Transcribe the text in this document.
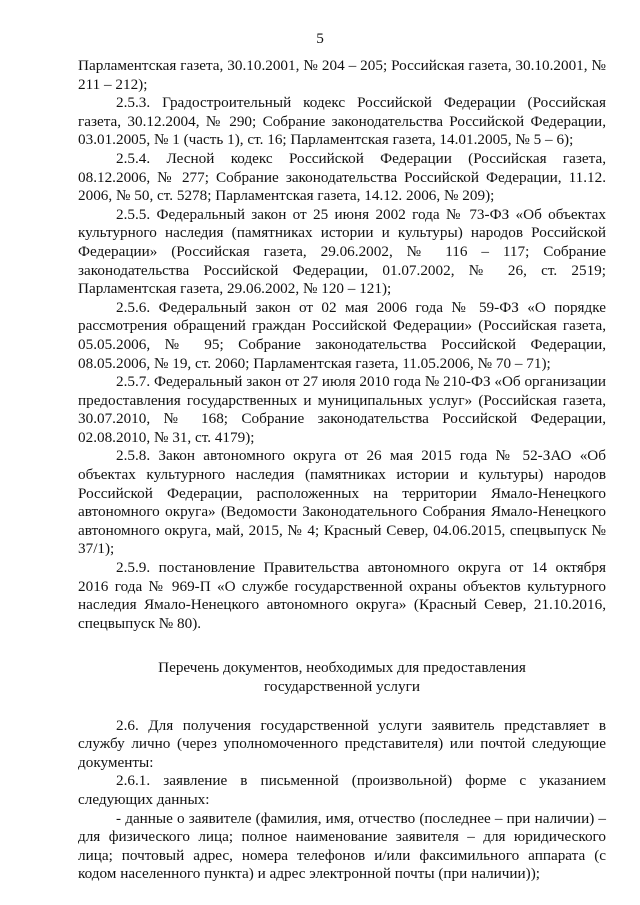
5

Парламентская газета, 30.10.2001, № 204 – 205; Российская газета, 30.10.2001, № 211 – 212);

2.5.3. Градостроительный кодекс Российской Федерации (Российская газета, 30.12.2004, № 290; Собрание законодательства Российской Федерации, 03.01.2005, № 1 (часть 1), ст. 16; Парламентская газета, 14.01.2005, № 5 – 6);

2.5.4. Лесной кодекс Российской Федерации (Российская газета, 08.12.2006, № 277; Собрание законодательства Российской Федерации, 11.12. 2006, № 50, ст. 5278; Парламентская газета, 14.12. 2006, № 209);

2.5.5. Федеральный закон от 25 июня 2002 года № 73-ФЗ «Об объектах культурного наследия (памятниках истории и культуры) народов Российской Федерации» (Российская газета, 29.06.2002, № 116 – 117; Собрание законодательства Российской Федерации, 01.07.2002, № 26, ст. 2519; Парламентская газета, 29.06.2002, № 120 – 121);

2.5.6. Федеральный закон от 02 мая 2006 года № 59-ФЗ «О порядке рассмотрения обращений граждан Российской Федерации» (Российская газета, 05.05.2006, № 95; Собрание законодательства Российской Федерации, 08.05.2006, № 19, ст. 2060; Парламентская газета, 11.05.2006, № 70 – 71);

2.5.7. Федеральный закон от 27 июля 2010 года № 210-ФЗ «Об организации предоставления государственных и муниципальных услуг» (Российская газета, 30.07.2010, № 168; Собрание законодательства Российской Федерации, 02.08.2010, № 31, ст. 4179);

2.5.8. Закон автономного округа от 26 мая 2015 года № 52-ЗАО «Об объектах культурного наследия (памятниках истории и культуры) народов Российской Федерации, расположенных на территории Ямало-Ненецкого автономного округа» (Ведомости Законодательного Собрания Ямало-Ненецкого автономного округа, май, 2015, № 4; Красный Север, 04.06.2015, спецвыпуск № 37/1);

2.5.9. постановление Правительства автономного округа от 14 октября 2016 года № 969-П «О службе государственной охраны объектов культурного наследия Ямало-Ненецкого автономного округа» (Красный Север, 21.10.2016, спецвыпуск № 80).

Перечень документов, необходимых для предоставления

государственной услуги

2.6. Для получения государственной услуги заявитель представляет в службу лично (через уполномоченного представителя) или почтой следующие документы:

2.6.1. заявление в письменной (произвольной) форме с указанием следующих данных:

- данные о заявителе (фамилия, имя, отчество (последнее – при наличии) – для физического лица; полное наименование заявителя – для юридического лица; почтовый адрес, номера телефонов и/или факсимильного аппарата (с кодом населенного пункта) и адрес электронной почты (при наличии));
